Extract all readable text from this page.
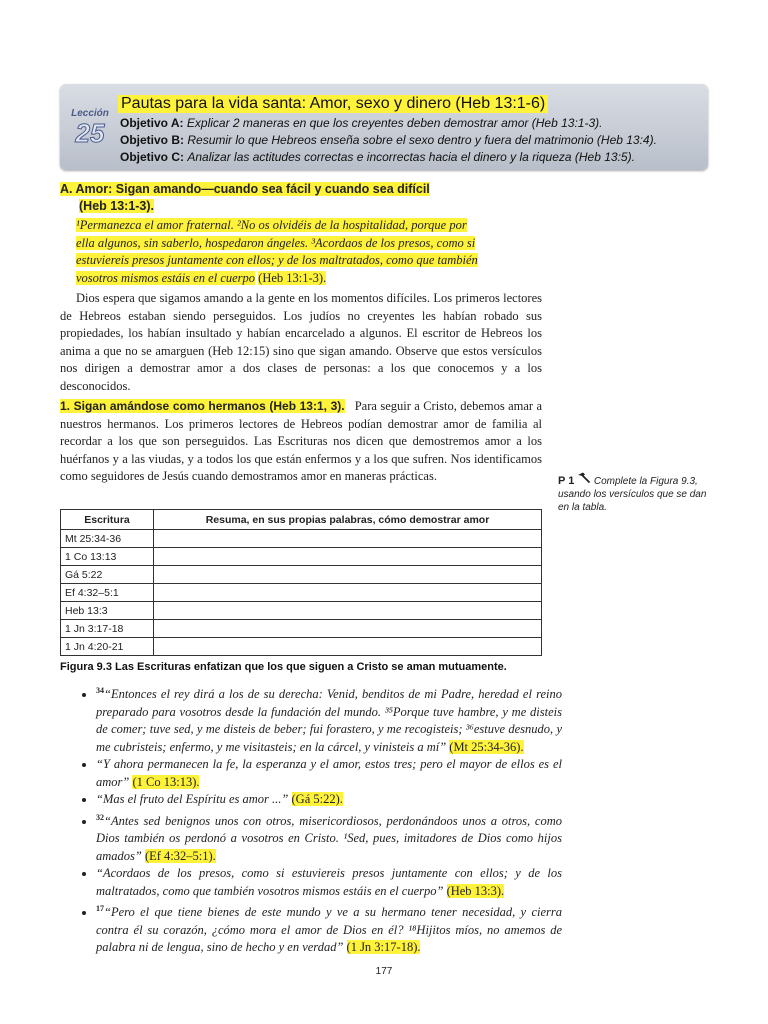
Lección
25
Pautas para la vida santa: Amor, sexo y dinero (Heb 13:1-6)
Objetivo A: Explicar 2 maneras en que los creyentes deben demostrar amor (Heb 13:1-3).
Objetivo B: Resumir lo que Hebreos enseña sobre el sexo dentro y fuera del matrimonio (Heb 13:4).
Objetivo C: Analizar las actitudes correctas e incorrectas hacia el dinero y la riqueza (Heb 13:5).
A. Amor: Sigan amando—cuando sea fácil y cuando sea difícil
(Heb 13:1-3).
¹Permanezca el amor fraternal. ²No os olvidéis de la hospitalidad, porque por
ella algunos, sin saberlo, hospedaron ángeles. ³Acordaos de los presos, como si
estuviereis presos juntamente con ellos; y de los maltratados, como que también
vosotros mismos estáis en el cuerpo (Heb 13:1-3).
Dios espera que sigamos amando a la gente en los momentos difíciles. Los primeros lectores de Hebreos estaban siendo perseguidos. Los judíos no creyentes les habían robado sus propiedades, los habían insultado y habían encarcelado a algunos. El escritor de Hebreos los anima a que no se amarguen (Heb 12:15) sino que sigan amando. Observe que estos versículos nos dirigen a demostrar amor a dos clases de personas: a los que conocemos y a los desconocidos.
1. Sigan amándose como hermanos (Heb 13:1, 3). Para seguir a Cristo, debemos amar a nuestros hermanos. Los primeros lectores de Hebreos podían demostrar amor de familia al recordar a los que son perseguidos. Las Escrituras nos dicen que demostremos amor a los huérfanos y a las viudas, y a todos los que están enfermos y a los que sufren. Nos identificamos como seguidores de Jesús cuando demostramos amor en maneras prácticas.	P 1 Complete la Figura 9.3, usando los versículos que se dan en la tabla.
Escritura	Resuma, en sus propias palabras, cómo demostrar amor
Mt 25:34-36	
1 Co 13:13	
Gá 5:22	
Ef 4:32–5:1	
Heb 13:3	
1 Jn 3:17-18	
1 Jn 4:20-21	
Figura 9.3 Las Escrituras enfatizan que los que siguen a Cristo se aman mutuamente.
• $^{34}$“Entonces el rey dirá a los de su derecha: Venid, benditos de mi Padre, heredad el reino preparado para vosotros desde la fundación del mundo. ³⁵Porque tuve hambre, y me disteis de comer; tuve sed, y me disteis de beber; fui forastero, y me recogisteis; ³⁶estuve desnudo, y me cubristeis; enfermo, y me visitasteis; en la cárcel, y vinisteis a mí” (Mt 25:34-36).
• “Y ahora permanecen la fe, la esperanza y el amor, estos tres; pero el mayor de ellos es el amor” (1 Co 13:13).
• “Mas el fruto del Espíritu es amor ...” (Gá 5:22).
• $^{32}$“Antes sed benignos unos con otros, misericordiosos, perdonándoos unos a otros, como Dios también os perdonó a vosotros en Cristo. ¹Sed, pues, imitadores de Dios como hijos amados” (Ef 4:32–5:1).
• “Acordaos de los presos, como si estuviereis presos juntamente con ellos; y de los maltratados, como que también vosotros mismos estáis en el cuerpo” (Heb 13:3).
• $^{17}$“Pero el que tiene bienes de este mundo y ve a su hermano tener necesidad, y cierra contra él su corazón, ¿cómo mora el amor de Dios en él? ¹⁸Hijitos míos, no amemos de palabra ni de lengua, sino de hecho y en verdad” (1 Jn 3:17-18).
177
